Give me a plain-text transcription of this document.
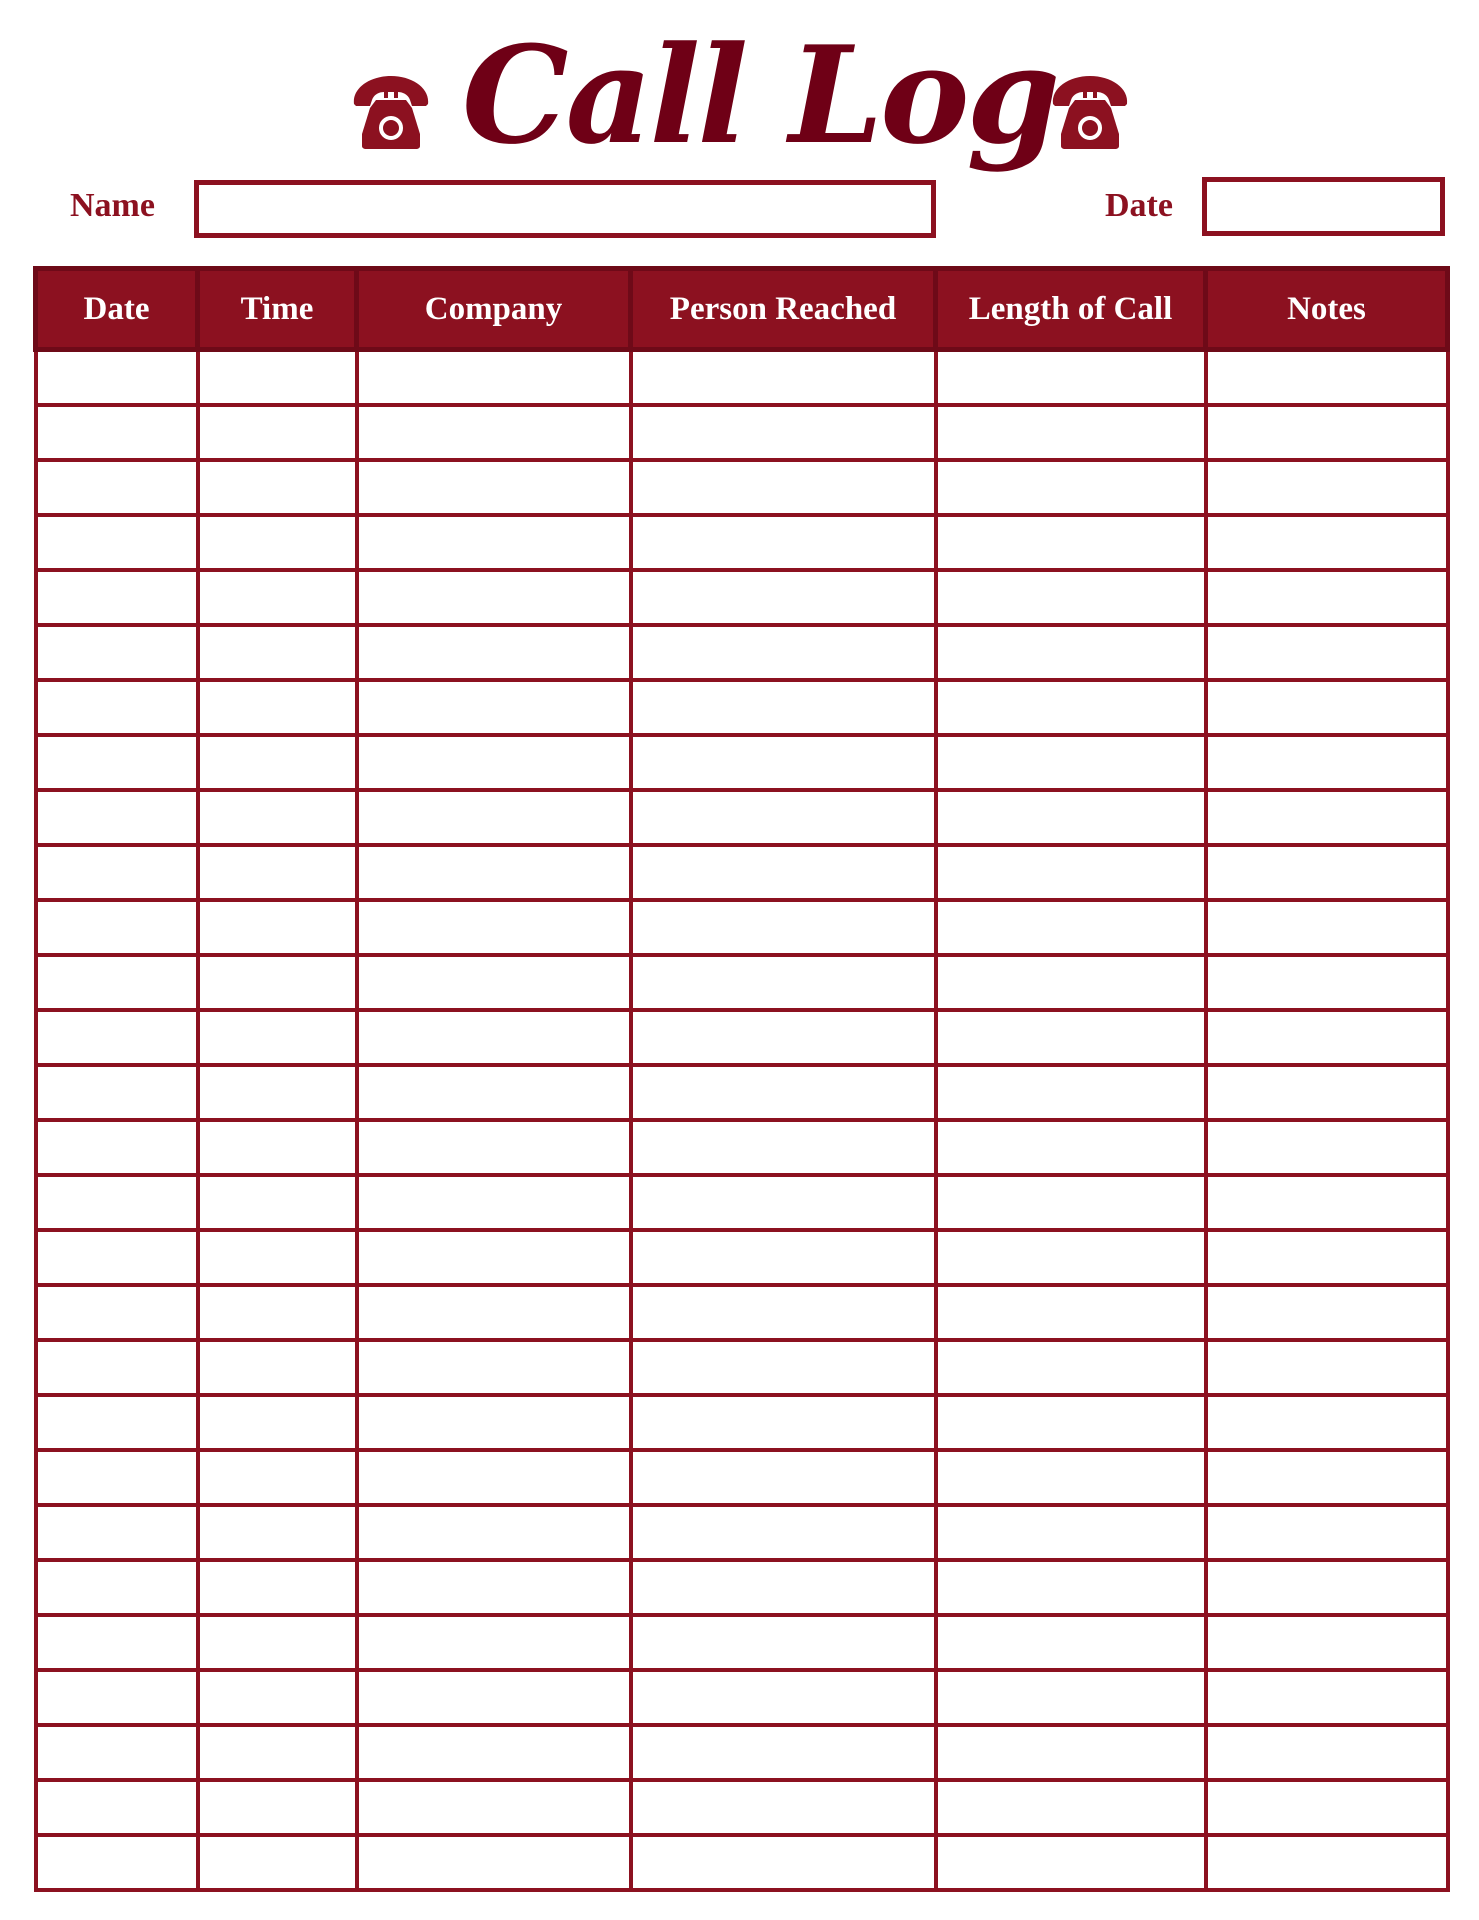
Call Log
Name	Date
Date	Time	Company	Person Reached	Length of Call	Notes
